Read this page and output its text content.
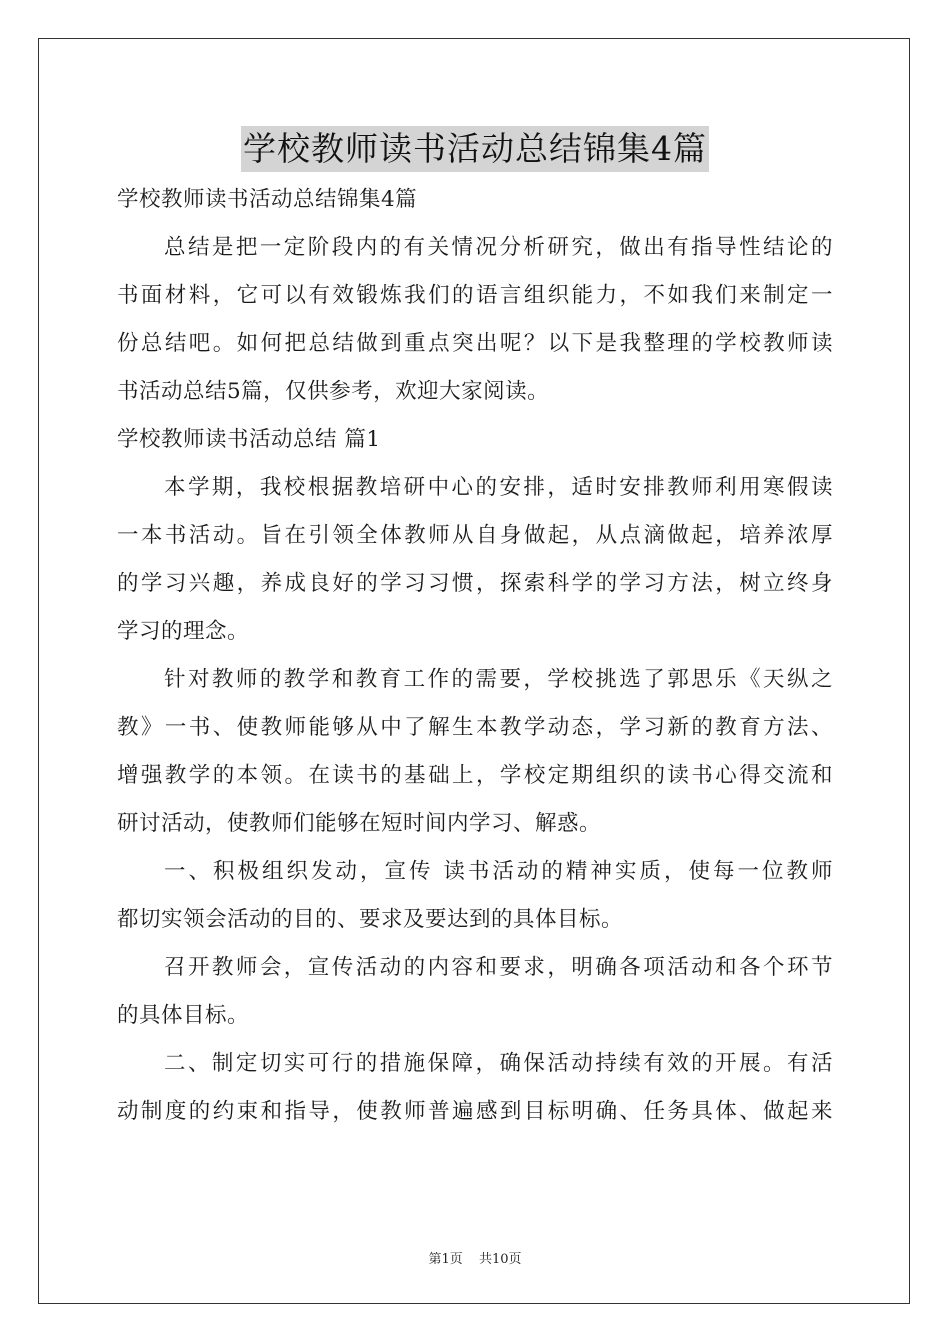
学校教师读书活动总结锦集4篇
学校教师读书活动总结锦集4篇
总结是把一定阶段内的有关情况分析研究，做出有指导性结论的
书面材料，它可以有效锻炼我们的语言组织能力，不如我们来制定一
份总结吧。如何把总结做到重点突出呢？以下是我整理的学校教师读
书活动总结5篇，仅供参考，欢迎大家阅读。
学校教师读书活动总结 篇1
本学期，我校根据教培研中心的安排，适时安排教师利用寒假读
一本书活动。旨在引领全体教师从自身做起，从点滴做起，培养浓厚
的学习兴趣，养成良好的学习习惯，探索科学的学习方法，树立终身
学习的理念。
针对教师的教学和教育工作的需要，学校挑选了郭思乐《天纵之
教》一书、使教师能够从中了解生本教学动态，学习新的教育方法、
增强教学的本领。在读书的基础上，学校定期组织的读书心得交流和
研讨活动，使教师们能够在短时间内学习、解惑。
一、积极组织发动，宣传 读书活动的精神实质，使每一位教师
都切实领会活动的目的、要求及要达到的具体目标。
召开教师会，宣传活动的内容和要求，明确各项活动和各个环节
的具体目标。
二、制定切实可行的措施保障，确保活动持续有效的开展。有活
动制度的约束和指导，使教师普遍感到目标明确、任务具体、做起来
第1页 共10页
